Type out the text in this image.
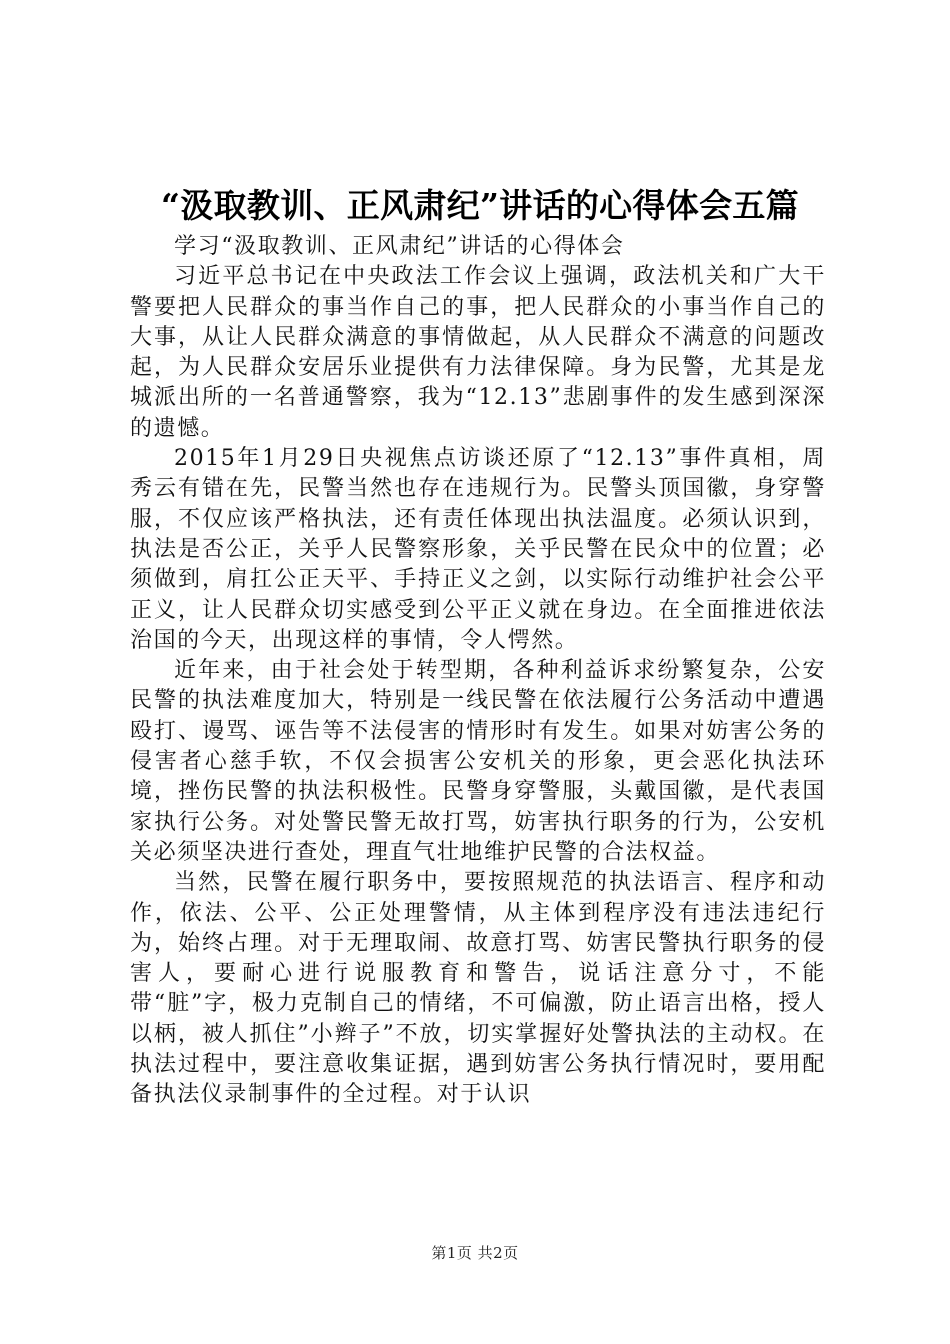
“汲取教训、正风肃纪”讲话的心得体会五篇

学习“汲取教训、正风肃纪”讲话的心得体会

习近平总书记在中央政法工作会议上强调，政法机关和广大干警要把人民群众的事当作自己的事，把人民群众的小事当作自己的大事，从让人民群众满意的事情做起，从人民群众不满意的问题改起，为人民群众安居乐业提供有力法律保障。身为民警，尤其是龙城派出所的一名普通警察，我为“12.13”悲剧事件的发生感到深深的遗憾。

2015年1月29日央视焦点访谈还原了“12.13”事件真相，周秀云有错在先，民警当然也存在违规行为。民警头顶国徽，身穿警服，不仅应该严格执法，还有责任体现出执法温度。必须认识到，执法是否公正，关乎人民警察形象，关乎民警在民众中的位置；必须做到，肩扛公正天平、手持正义之剑，以实际行动维护社会公平正义，让人民群众切实感受到公平正义就在身边。在全面推进依法治国的今天，出现这样的事情，令人愕然。

近年来，由于社会处于转型期，各种利益诉求纷繁复杂，公安民警的执法难度加大，特别是一线民警在依法履行公务活动中遭遇殴打、谩骂、诬告等不法侵害的情形时有发生。如果对妨害公务的侵害者心慈手软，不仅会损害公安机关的形象，更会恶化执法环境，挫伤民警的执法积极性。民警身穿警服，头戴国徽，是代表国家执行公务。对处警民警无故打骂，妨害执行职务的行为，公安机关必须坚决进行查处，理直气壮地维护民警的合法权益。

当然，民警在履行职务中，要按照规范的执法语言、程序和动作，依法、公平、公正处理警情，从主体到程序没有违法违纪行为，始终占理。对于无理取闹、故意打骂、妨害民警执行职务的侵害人，要耐心进行说服教育和警告，说话注意分寸，不能带“脏”字，极力克制自己的情绪，不可偏激，防止语言出格，授人以柄，被人抓住”小辫子”不放，切实掌握好处警执法的主动权。在执法过程中，要注意收集证据，遇到妨害公务执行情况时，要用配备执法仪录制事件的全过程。对于认识

第1页 共2页
